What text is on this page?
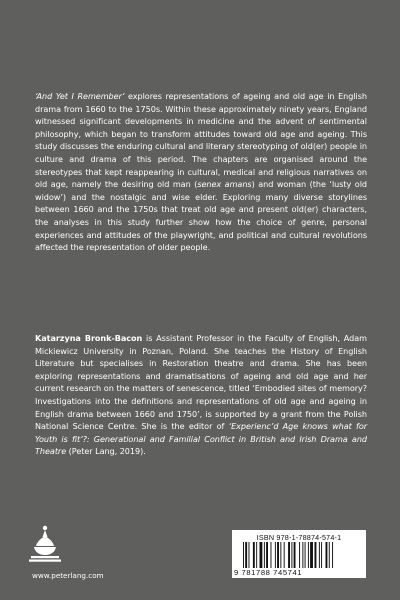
‘And Yet I Remember’ explores representations of ageing and old age in English drama from 1660 to the 1750s. Within these approximately ninety years, England witnessed significant developments in medicine and the advent of sentimental philosophy, which began to transform attitudes toward old age and ageing. This study discusses the enduring cultural and literary stereotyping of old(er) people in culture and drama of this period. The chapters are organised around the stereotypes that kept reappearing in cultural, medical and religious narratives on old age, namely the desiring old man (senex amans) and woman (the ‘lusty old widow’) and the nostalgic and wise elder. Exploring many diverse storylines between 1660 and the 1750s that treat old age and present old(er) characters, the analyses in this study further show how the choice of genre, personal experiences and attitudes of the playwright, and political and cultural revolutions affected the representation of older people.

Katarzyna Bronk-Bacon is Assistant Professor in the Faculty of English, Adam Mickiewicz University in Poznan, Poland. She teaches the History of English Literature but specialises in Restoration theatre and drama. She has been exploring representations and dramatisations of ageing and old age and her current research on the matters of senescence, titled ‘Embodied sites of memory? Investigations into the definitions and representations of old age and ageing in English drama between 1660 and 1750’, is supported by a grant from the Polish National Science Centre. She is the editor of ‘Experienc’d Age knows what for Youth is fit’?: Generational and Familial Conflict in British and Irish Drama and Theatre (Peter Lang, 2019).

www.peterlang.com
ISBN 978-1-78874-574-1
9 781788 745741
